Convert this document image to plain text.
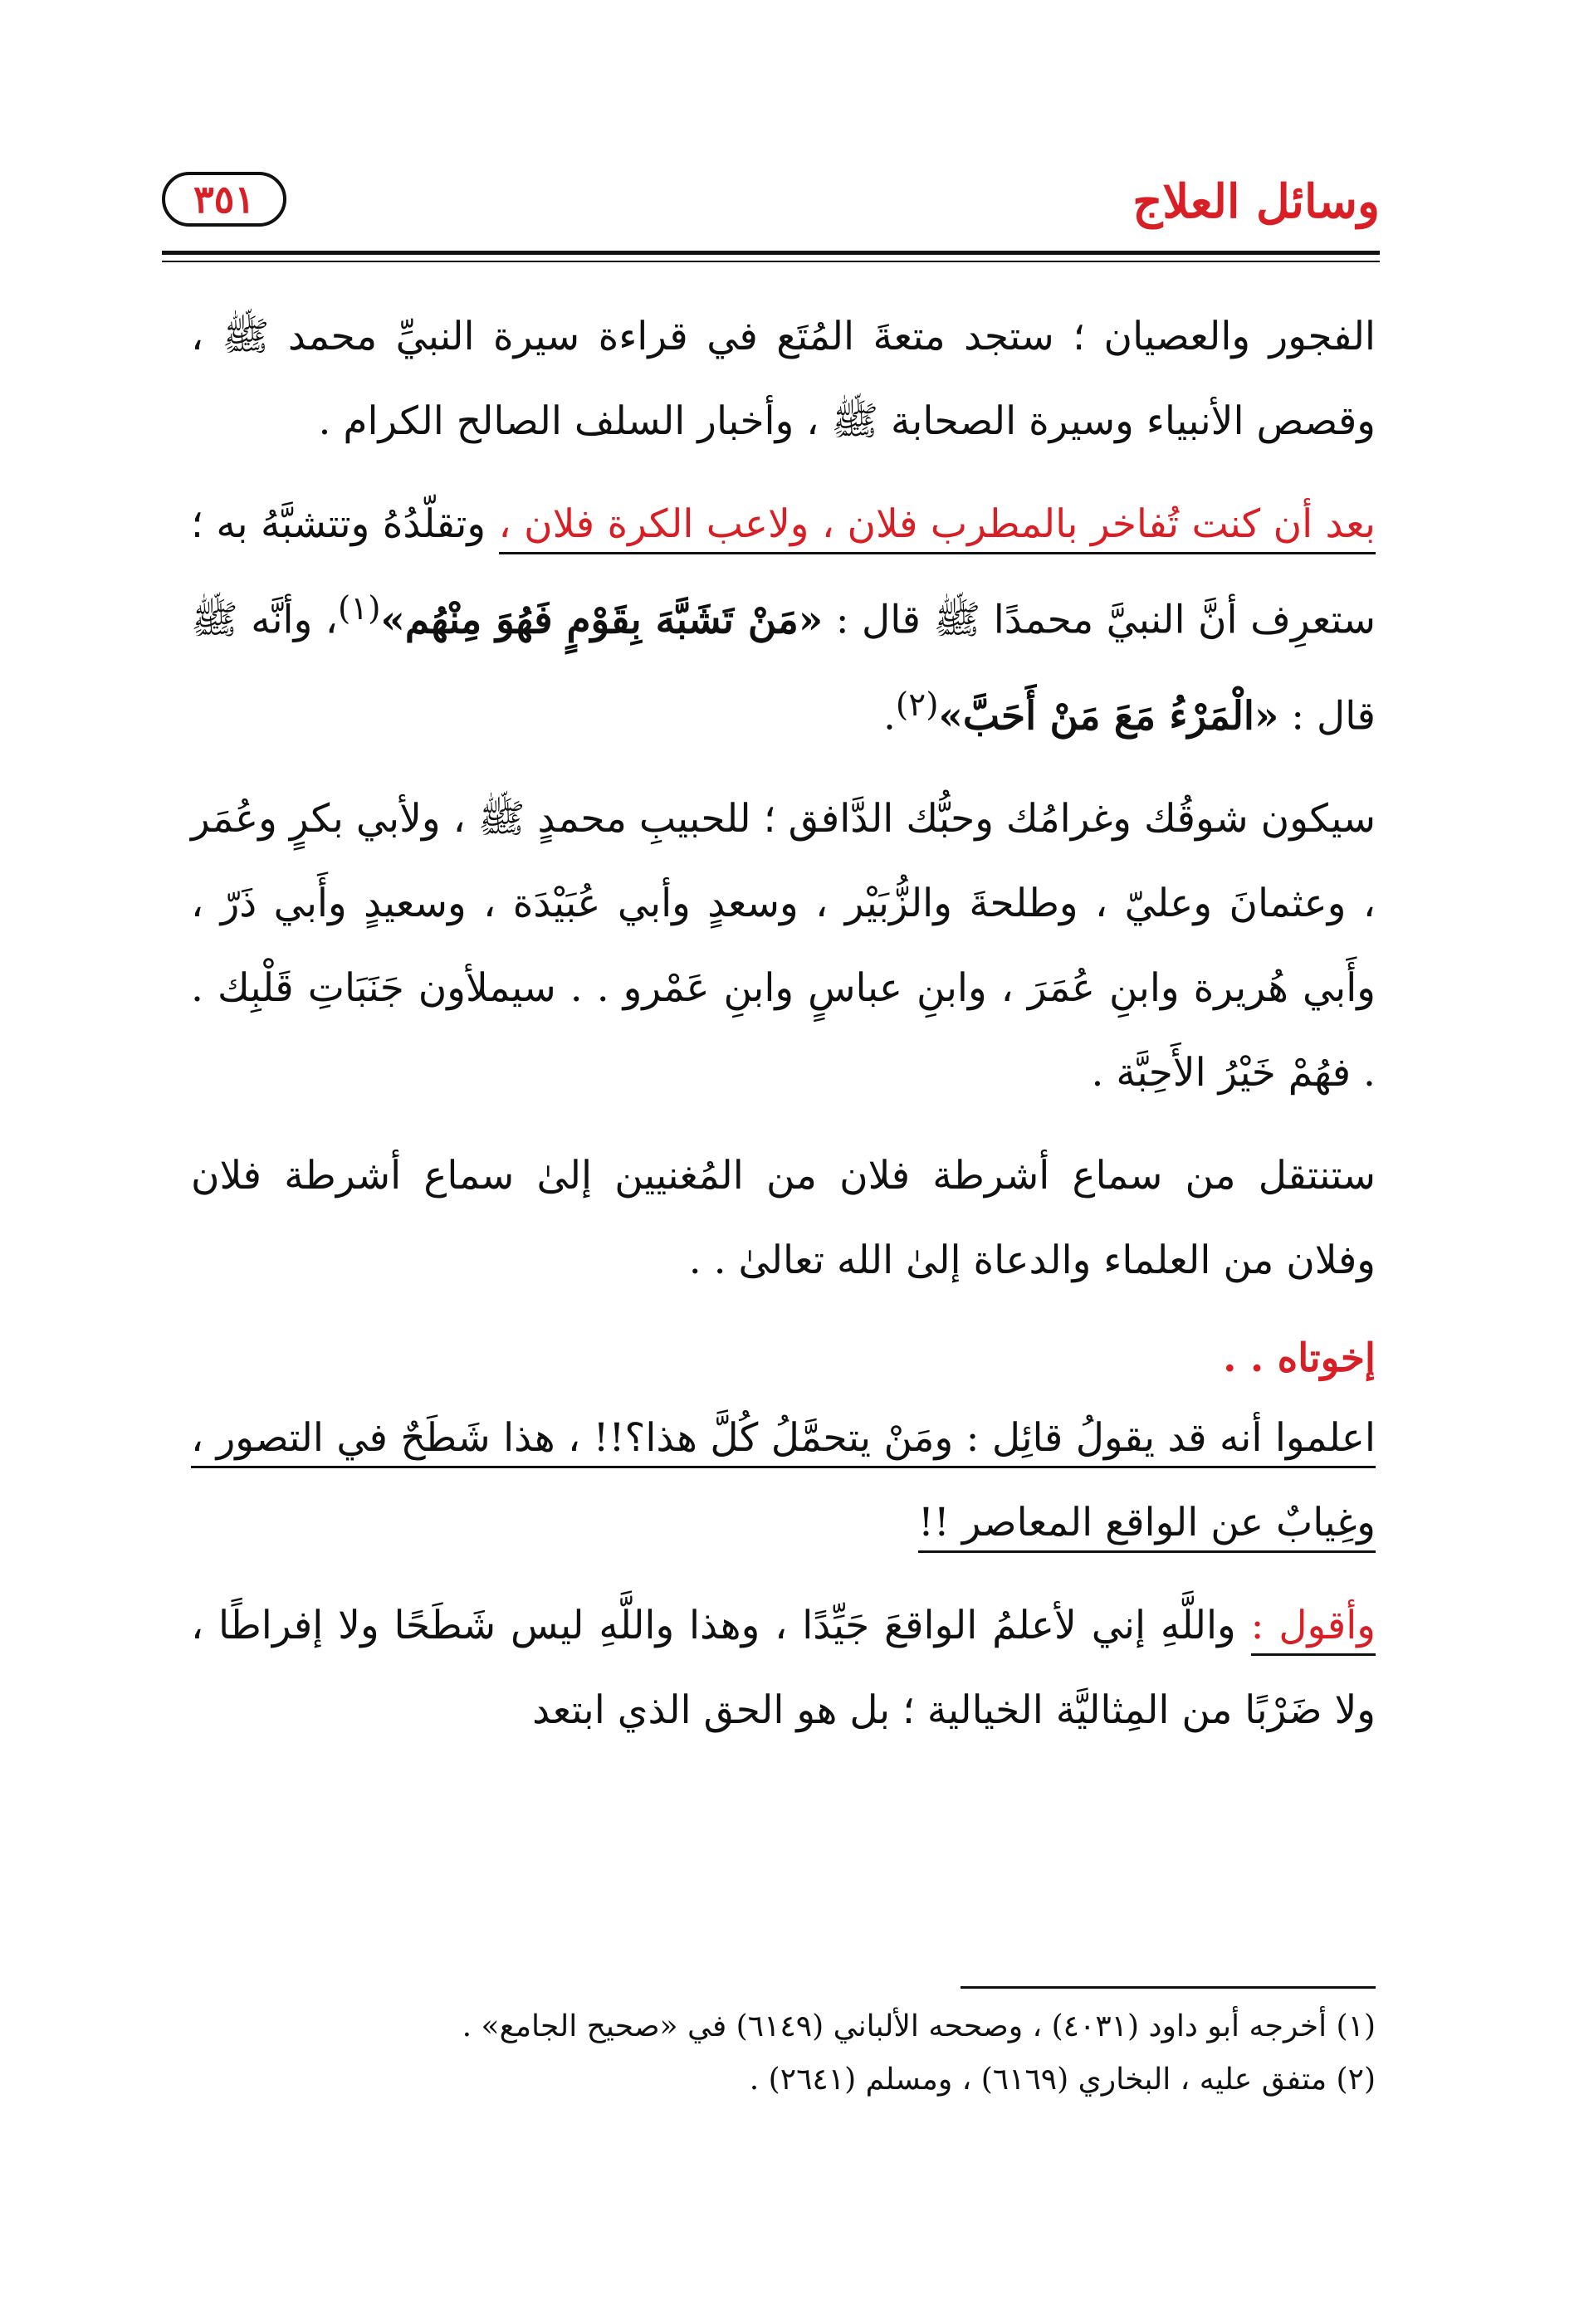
وسائل العلاج
٣٥١

الفجور والعصيان ؛ ستجد متعةَ المُتَع في قراءة سيرة النبيِّ محمد ﷺ ، وقصص الأنبياء وسيرة الصحابة ﷺ ، وأخبار السلف الصالح الكرام .

بعد أن كنت تُفاخر بالمطرب فلان ، ولاعب الكرة فلان ، وتقلّدُهُ وتتشبَّهُ به ؛ ستعرِف أنَّ النبيَّ محمدًا ﷺ قال : «مَنْ تَشَبَّهَ بِقَوْمٍ فَهُوَ مِنْهُم»$^{(١)}$، وأنَّه ﷺ قال : «الْمَرْءُ مَعَ مَنْ أَحَبَّ»$^{(٢)}$.

سيكون شوقُك وغرامُك وحبُّك الدَّافق ؛ للحبيبِ محمدٍ ﷺ ، ولأبي بكرٍ وعُمَر ، وعثمانَ وعليّ ، وطلحةَ والزُّبَيْر ، وسعدٍ وأبي عُبَيْدَة ، وسعيدٍ وأَبي ذَرّ ، وأَبي هُريرة وابنِ عُمَرَ ، وابنِ عباسٍ وابنِ عَمْرو . . سيملأون جَنَبَاتِ قَلْبِك . . فهُمْ خَيْرُ الأَحِبَّة .

ستنتقل من سماع أشرطة فلان من المُغنيين إلىٰ سماع أشرطة فلان وفلان من العلماء والدعاة إلىٰ الله تعالىٰ . .

إخوتاه . .

اعلموا أنه قد يقولُ قائِل : ومَنْ يتحمَّلُ كُلَّ هذا؟!! ، هذا شَطَحٌ في التصور ، وغِيابٌ عن الواقع المعاصر !!

وأقول : واللَّهِ إني لأعلمُ الواقعَ جَيِّدًا ، وهذا واللَّهِ ليس شَطَحًا ولا إفراطًا ، ولا ضَرْبًا من المِثاليَّة الخيالية ؛ بل هو الحق الذي ابتعد

(١) أخرجه أبو داود (٤٠٣١) ، وصححه الألباني (٦١٤٩) في «صحيح الجامع» .

(٢) متفق عليه ، البخاري (٦١٦٩) ، ومسلم (٢٦٤١) .
